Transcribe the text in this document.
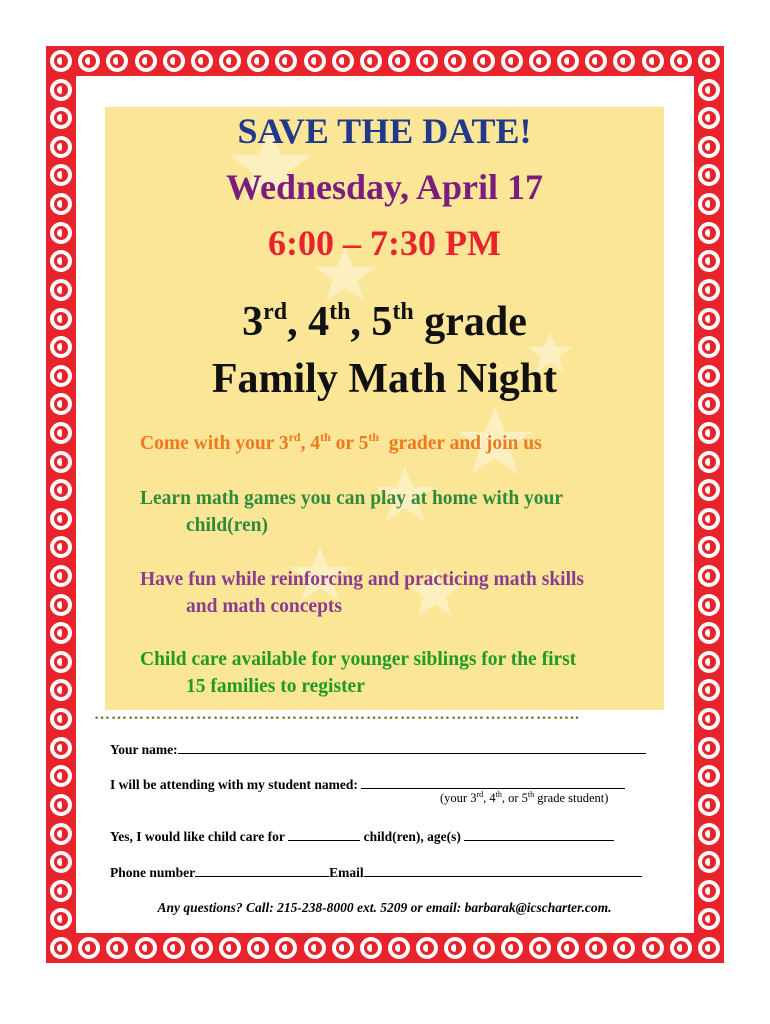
SAVE THE DATE!
Wednesday, April 17
6:00 – 7:30 PM
3rd, 4th, 5th grade
Family Math Night
Come with your 3rd, 4th or 5th  grader and join us
Learn math games you can play at home with your
child(ren)
Have fun while reinforcing and practicing math skills
and math concepts
Child care available for younger siblings for the first
15 families to register
…………………………………………………………………………..
Your name:
I will be attending with my student named:
(your 3rd, 4th, or 5th grade student)
Yes, I would like child care for	child(ren), age(s)
Phone number	Email
Any questions? Call: 215-238-8000 ext. 5209 or email: barbarak@icscharter.com.
